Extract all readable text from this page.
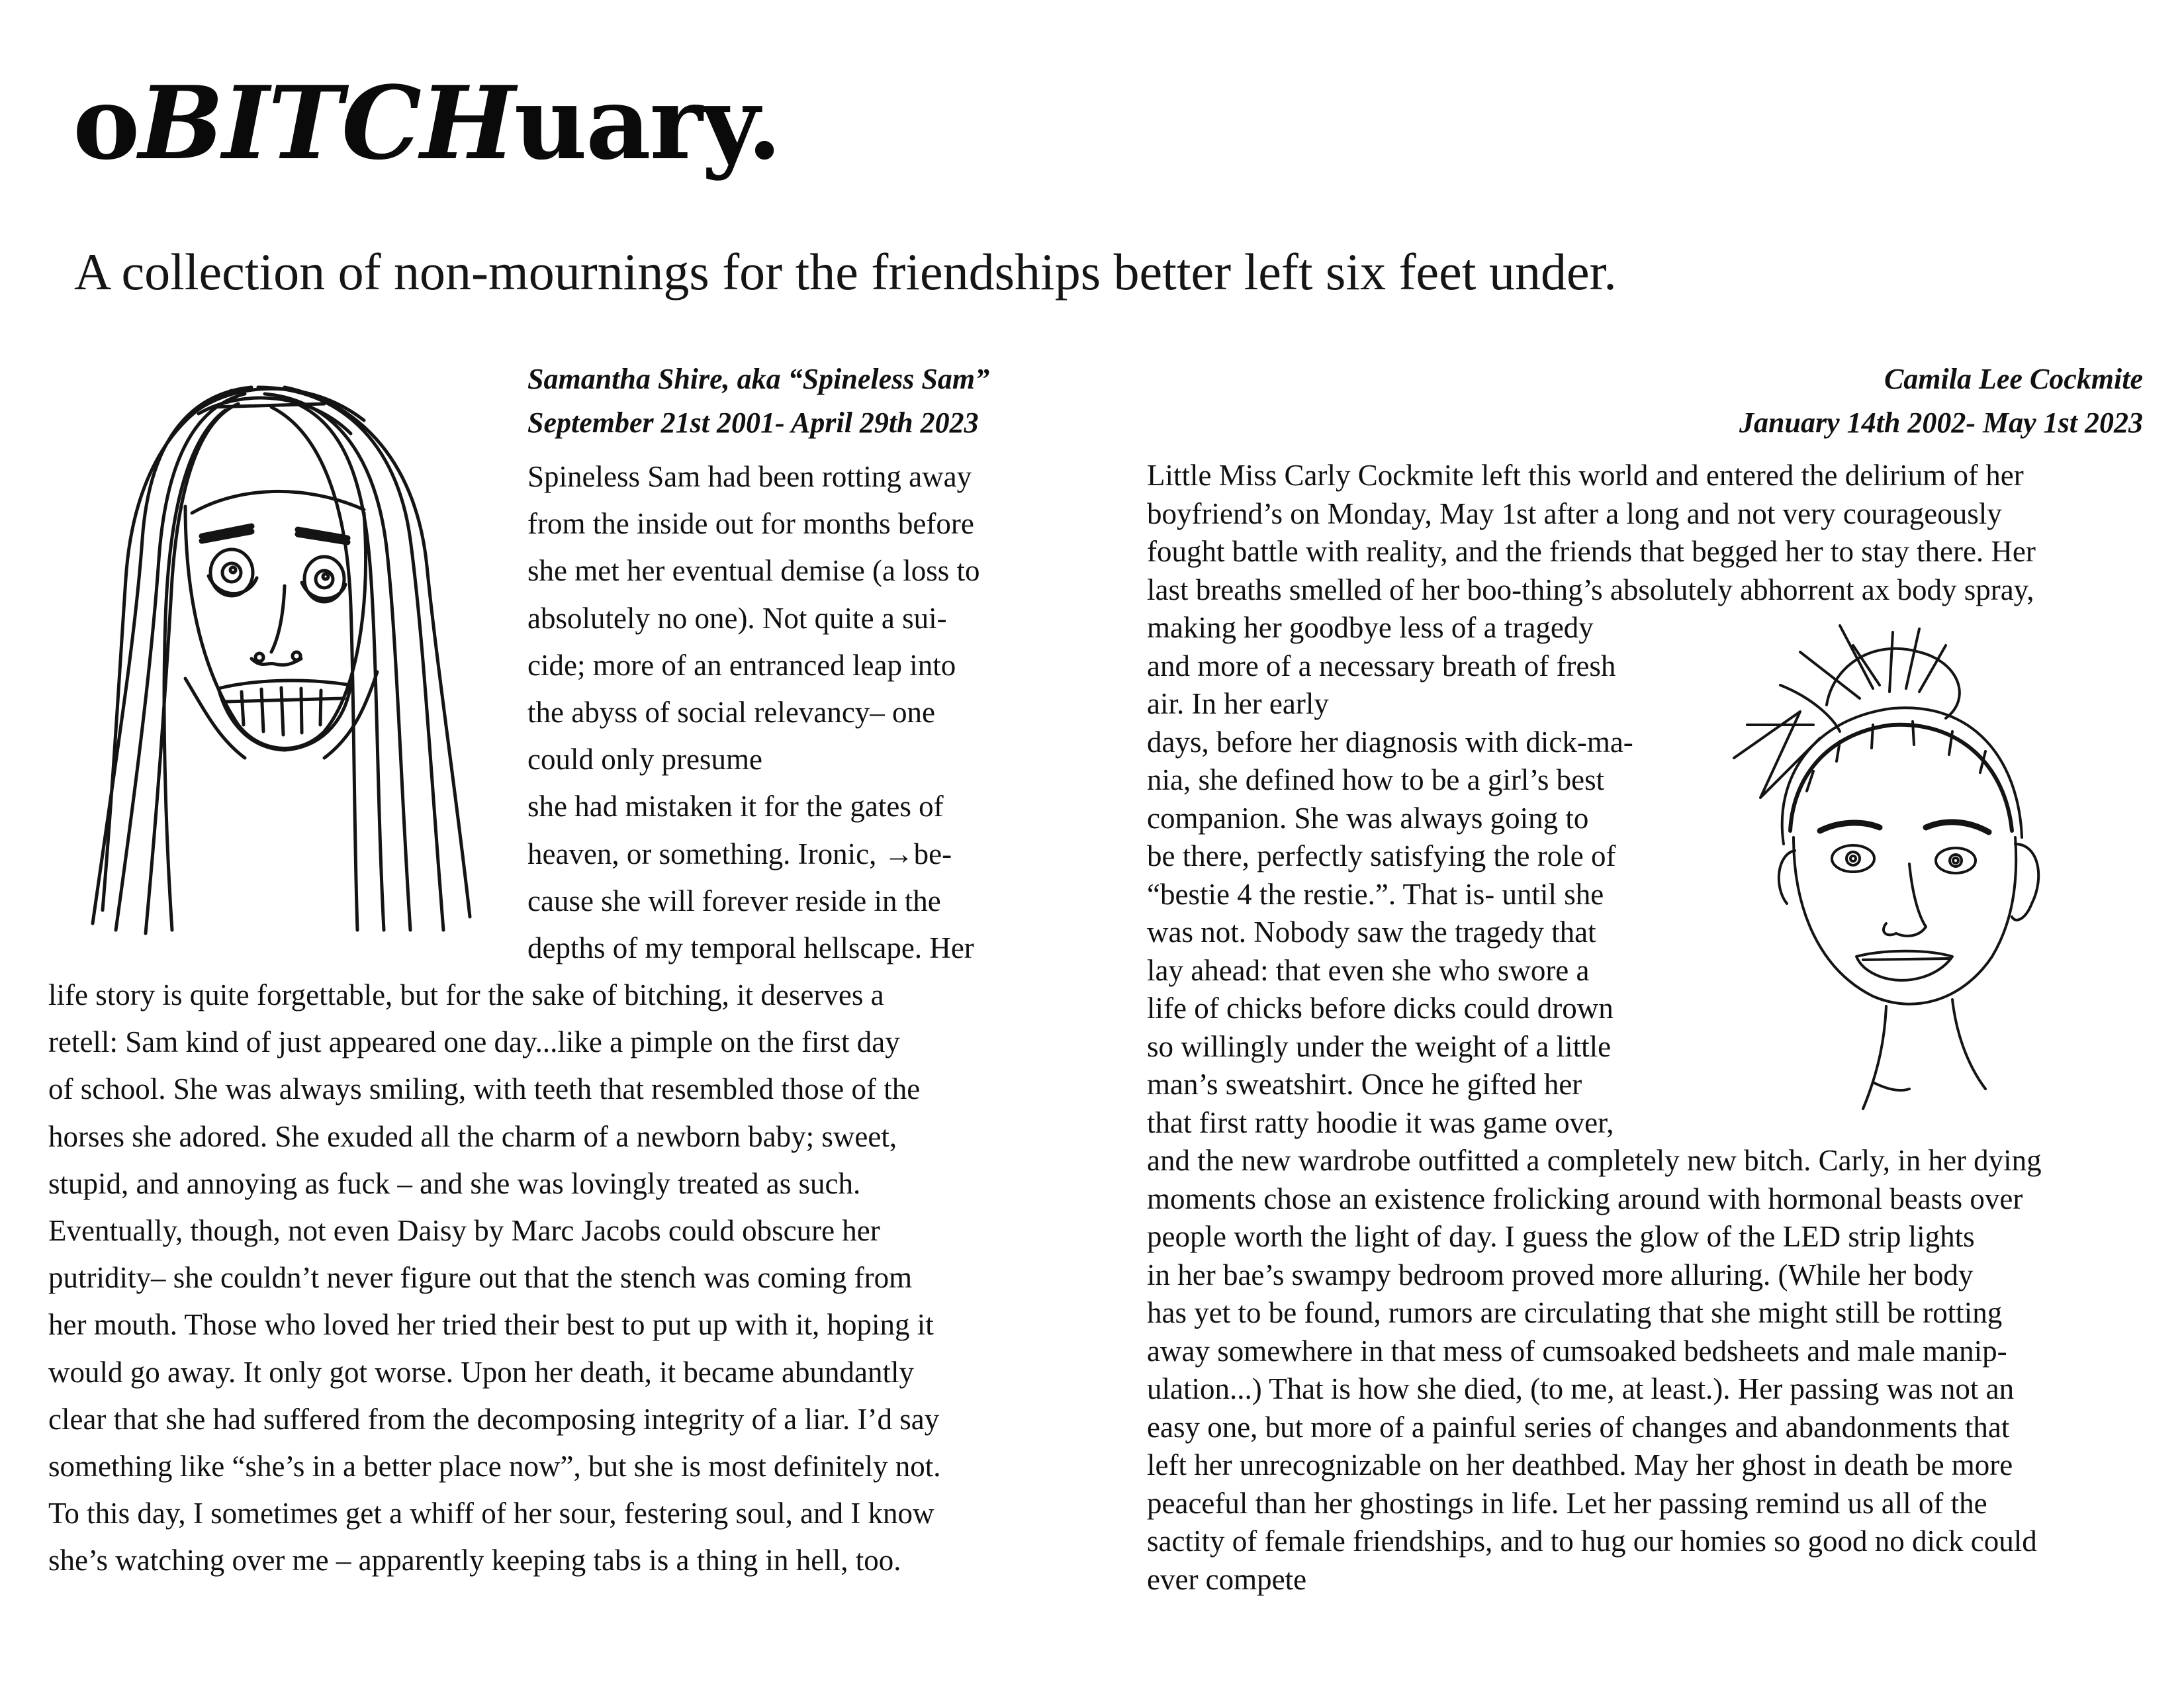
oBITCHuary.
A collection of non-mournings for the friendships better left six feet under.
Samantha Shire, aka “Spineless Sam”
September 21st 2001- April 29th 2023
Spineless Sam had been rotting away
from the inside out for months before
she met her eventual demise (a loss to
absolutely no one). Not quite a sui-
cide; more of an entranced leap into
the abyss of social relevancy– one
could only presume
she had mistaken it for the gates of
heaven, or something. Ironic, →be-
cause she will forever reside in the
depths of my temporal hellscape. Her
life story is quite forgettable, but for the sake of bitching, it deserves a
retell: Sam kind of just appeared one day...like a pimple on the first day
of school. She was always smiling, with teeth that resembled those of the
horses she adored. She exuded all the charm of a newborn baby; sweet,
stupid, and annoying as fuck – and she was lovingly treated as such.
Eventually, though, not even Daisy by Marc Jacobs could obscure her
putridity– she couldn’t never figure out that the stench was coming from
her mouth. Those who loved her tried their best to put up with it, hoping it
would go away. It only got worse. Upon her death, it became abundantly
clear that she had suffered from the decomposing integrity of a liar. I’d say
something like “she’s in a better place now”, but she is most definitely not.
To this day, I sometimes get a whiff of her sour, festering soul, and I know
she’s watching over me – apparently keeping tabs is a thing in hell, too.
Camila Lee Cockmite
January 14th 2002- May 1st 2023
Little Miss Carly Cockmite left this world and entered the delirium of her
boyfriend’s on Monday, May 1st after a long and not very courageously
fought battle with reality, and the friends that begged her to stay there. Her
last breaths smelled of her boo-thing’s absolutely abhorrent ax body spray,
making her goodbye less of a tragedy
and more of a necessary breath of fresh
air. In her early
days, before her diagnosis with dick-ma-
nia, she defined how to be a girl’s best
companion. She was always going to
be there, perfectly satisfying the role of
“bestie 4 the restie.”. That is- until she
was not. Nobody saw the tragedy that
lay ahead: that even she who swore a
life of chicks before dicks could drown
so willingly under the weight of a little
man’s sweatshirt. Once he gifted her
that first ratty hoodie it was game over,
and the new wardrobe outfitted a completely new bitch. Carly, in her dying
moments chose an existence frolicking around with hormonal beasts over
people worth the light of day. I guess the glow of the LED strip lights
in her bae’s swampy bedroom proved more alluring. (While her body
has yet to be found, rumors are circulating that she might still be rotting
away somewhere in that mess of cumsoaked bedsheets and male manip-
ulation...) That is how she died, (to me, at least.). Her passing was not an
easy one, but more of a painful series of changes and abandonments that
left her unrecognizable on her deathbed. May her ghost in death be more
peaceful than her ghostings in life. Let her passing remind us all of the
sactity of female friendships, and to hug our homies so good no dick could
ever compete
